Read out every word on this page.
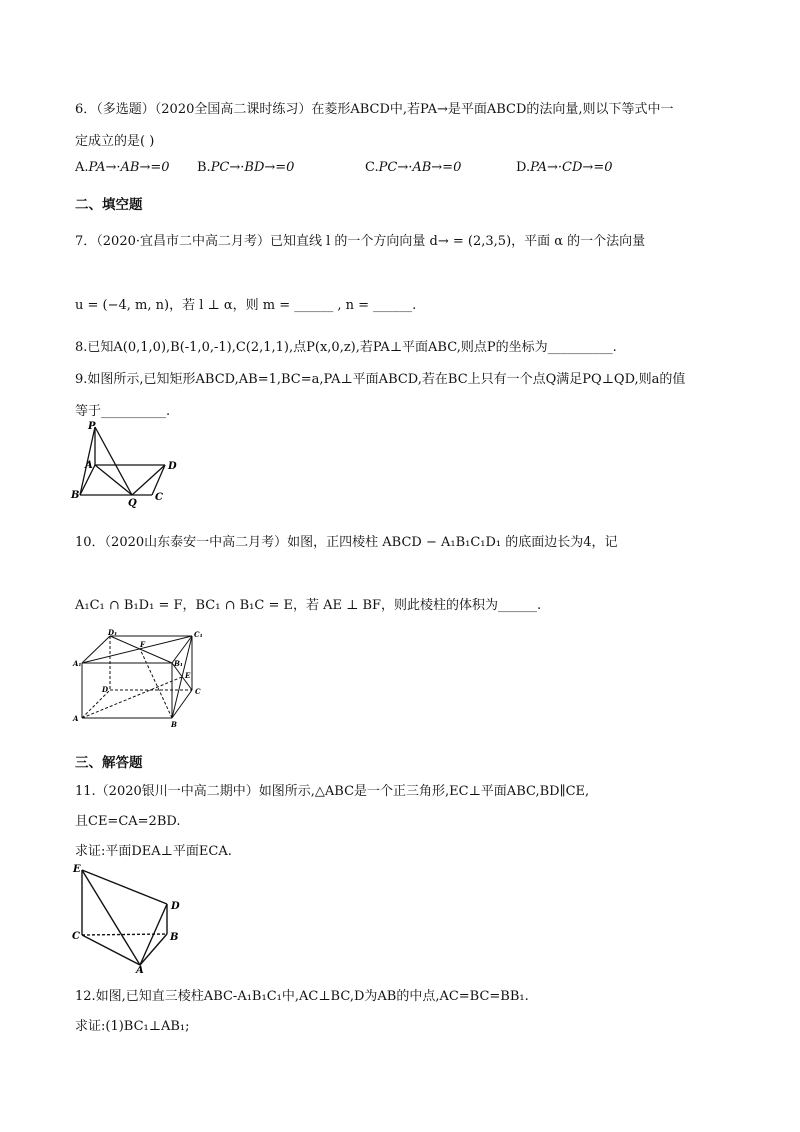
6．（多选题）（2020全国高二课时练习）在菱形ABCD中,若PA→是平面ABCD的法向量,则以下等式中一
定成立的是( )
A.PA→·AB→=0 B.PC→·BD→=0	C.PC→·AB→=0	D.PA→·CD→=0
二、填空题
7．（2020·宜昌市二中高二月考）已知直线 l 的一个方向向量 d→ = (2,3,5)，平面 α 的一个法向量
u = (−4, m, n)，若 l ⊥ α，则 m = ______ , n = ______.
8.已知A(0,1,0),B(-1,0,-1),C(2,1,1),点P(x,0,z),若PA⊥平面ABC,则点P的坐标为__________.
9.如图所示,已知矩形ABCD,AB=1,BC=a,PA⊥平面ABCD,若在BC上只有一个点Q满足PQ⊥QD,则a的值
等于__________.
P
A	D
B
Q
C
10．（2020山东泰安一中高二月考）如图，正四棱柱 ABCD − A₁B₁C₁D₁ 的底面边长为4，记
A₁C₁ ∩ B₁D₁ = F，BC₁ ∩ B₁C = E，若 AE ⊥ BF，则此棱柱的体积为______.
D₁	C₁
A₁	B₁
F
E
D	C
A
B
三、解答题
11.（2020银川一中高二期中）如图所示,△ABC是一个正三角形,EC⊥平面ABC,BD∥CE,
且CE=CA=2BD.
求证:平面DEA⊥平面ECA.
E
D
C	B
A
12.如图,已知直三棱柱ABC-A₁B₁C₁中,AC⊥BC,D为AB的中点,AC=BC=BB₁.
求证:(1)BC₁⊥AB₁;
